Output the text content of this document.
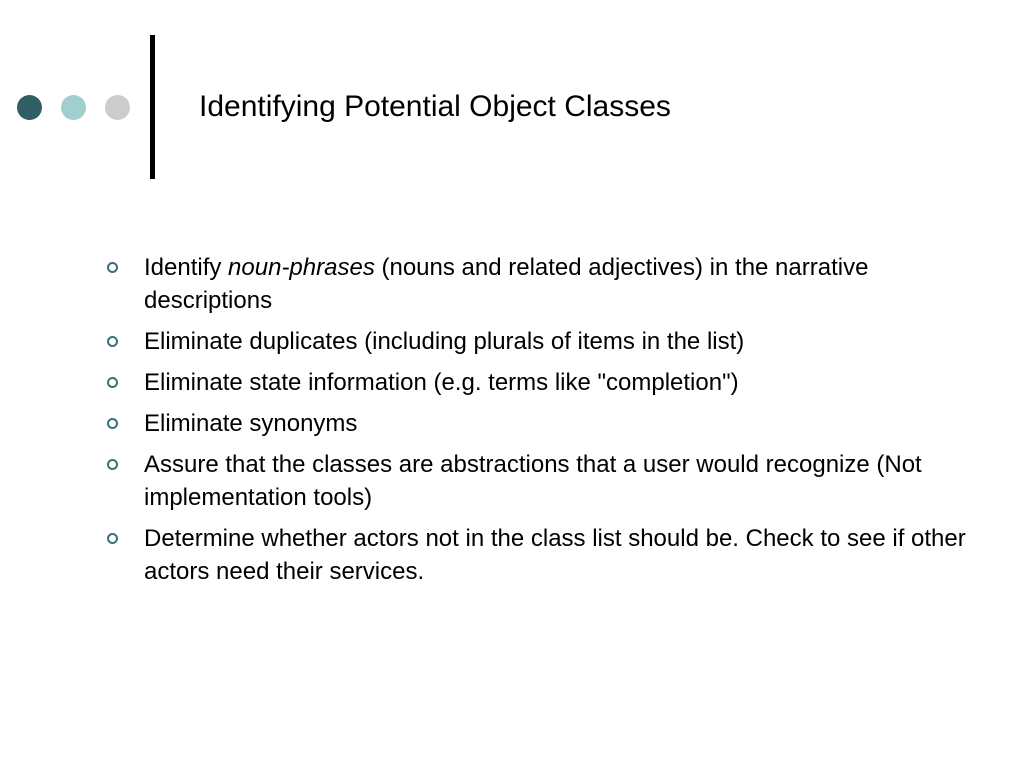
Identifying Potential Object Classes
Identify noun-phrases (nouns and related adjectives) in the narrative descriptions
Eliminate duplicates (including plurals of items in the list)
Eliminate state information (e.g. terms like "completion")
Eliminate synonyms
Assure that the classes are abstractions that a user would recognize (Not implementation tools)
Determine whether actors not in the class list should be. Check to see if other actors need their services.
